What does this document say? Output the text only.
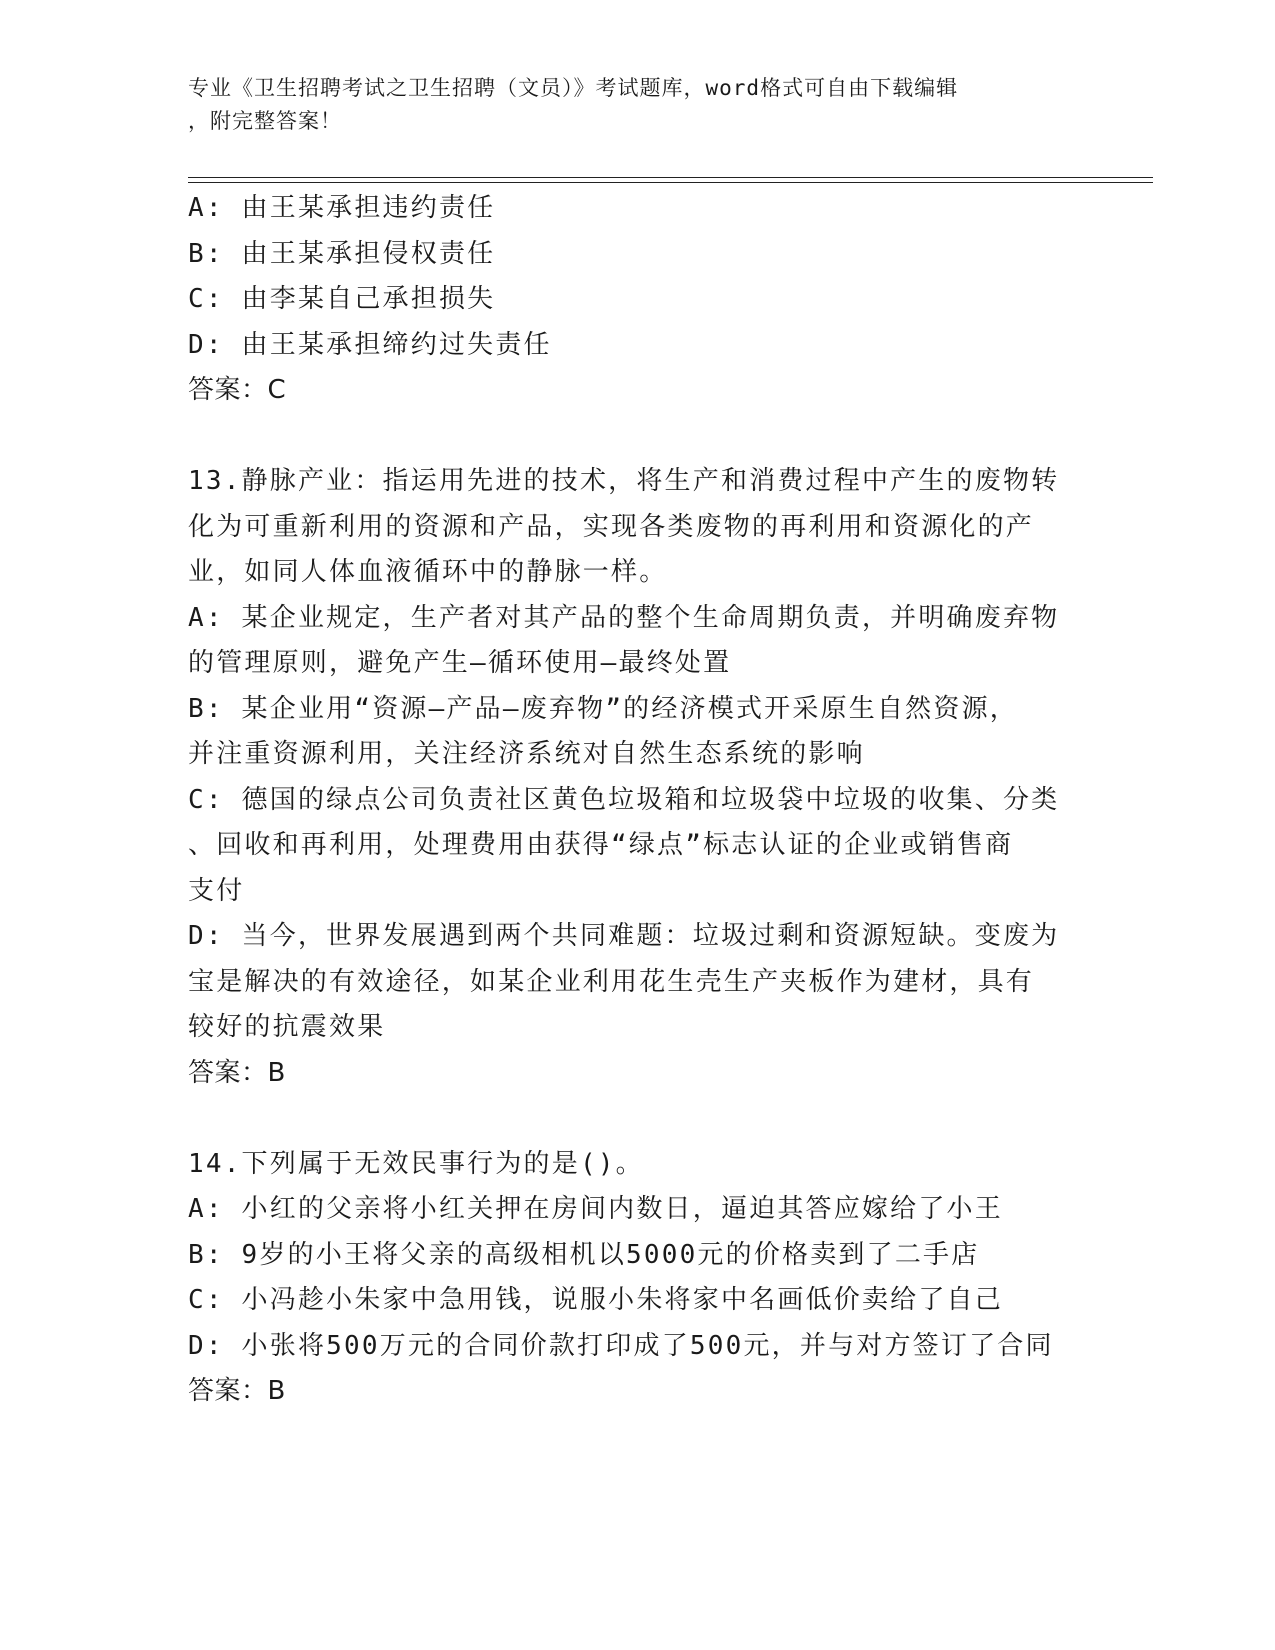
专业《卫生招聘考试之卫生招聘（文员）》考试题库，word格式可自由下载编辑
，附完整答案！
A: 由王某承担违约责任
B: 由王某承担侵权责任
C: 由李某自己承担损失
D: 由王某承担缔约过失责任
答案：C
13.静脉产业：指运用先进的技术，将生产和消费过程中产生的废物转
化为可重新利用的资源和产品，实现各类废物的再利用和资源化的产
业，如同人体血液循环中的静脉一样。
A: 某企业规定，生产者对其产品的整个生命周期负责，并明确废弃物
的管理原则，避免产生—循环使用—最终处置
B: 某企业用“资源—产品—废弃物”的经济模式开采原生自然资源，
并注重资源利用，关注经济系统对自然生态系统的影响
C: 德国的绿点公司负责社区黄色垃圾箱和垃圾袋中垃圾的收集、分类
、回收和再利用，处理费用由获得“绿点”标志认证的企业或销售商
支付
D: 当今，世界发展遇到两个共同难题：垃圾过剩和资源短缺。变废为
宝是解决的有效途径，如某企业利用花生壳生产夹板作为建材，具有
较好的抗震效果
答案：B
14.下列属于无效民事行为的是()。
A: 小红的父亲将小红关押在房间内数日，逼迫其答应嫁给了小王
B: 9岁的小王将父亲的高级相机以5000元的价格卖到了二手店
C: 小冯趁小朱家中急用钱，说服小朱将家中名画低价卖给了自己
D: 小张将500万元的合同价款打印成了500元，并与对方签订了合同
答案：B
